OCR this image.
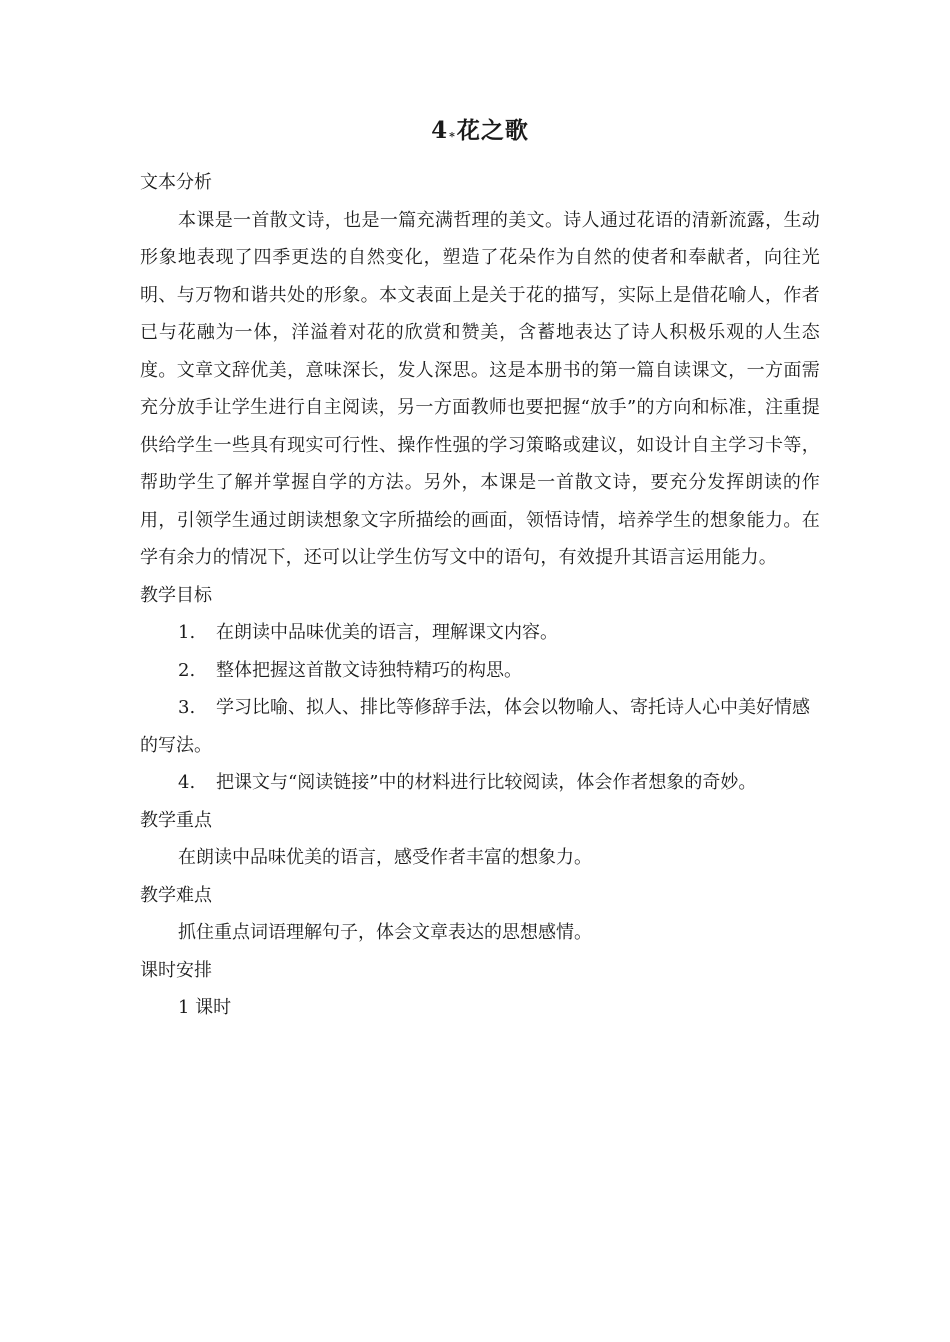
4*花之歌

文本分析

本课是一首散文诗，也是一篇充满哲理的美文。诗人通过花语的清新流露，生动形象地表现了四季更迭的自然变化，塑造了花朵作为自然的使者和奉献者，向往光明、与万物和谐共处的形象。本文表面上是关于花的描写，实际上是借花喻人，作者已与花融为一体，洋溢着对花的欣赏和赞美，含蓄地表达了诗人积极乐观的人生态度。文章文辞优美，意味深长，发人深思。这是本册书的第一篇自读课文，一方面需充分放手让学生进行自主阅读，另一方面教师也要把握“放手”的方向和标准，注重提供给学生一些具有现实可行性、操作性强的学习策略或建议，如设计自主学习卡等，帮助学生了解并掌握自学的方法。另外，本课是一首散文诗，要充分发挥朗读的作用，引领学生通过朗读想象文字所描绘的画面，领悟诗情，培养学生的想象能力。在学有余力的情况下，还可以让学生仿写文中的语句，有效提升其语言运用能力。

教学目标

1. 在朗读中品味优美的语言，理解课文内容。

2. 整体把握这首散文诗独特精巧的构思。

3. 学习比喻、拟人、排比等修辞手法，体会以物喻人、寄托诗人心中美好情感的写法。

4. 把课文与“阅读链接”中的材料进行比较阅读，体会作者想象的奇妙。

教学重点

在朗读中品味优美的语言，感受作者丰富的想象力。

教学难点

抓住重点词语理解句子，体会文章表达的思想感情。

课时安排

1 课时
